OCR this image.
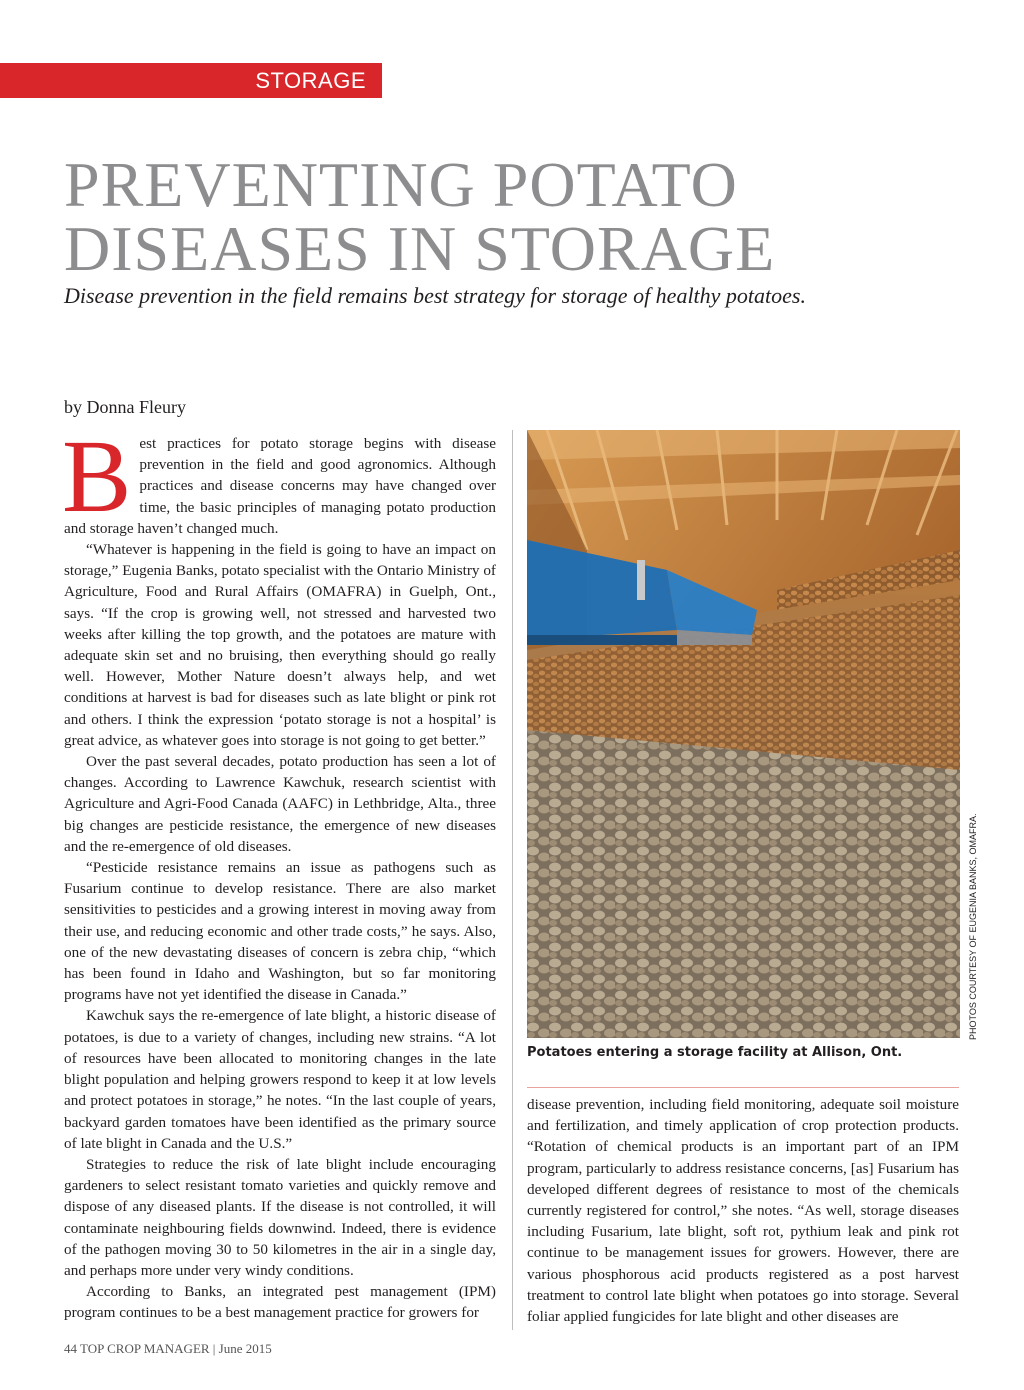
STORAGE
PREVENTING POTATO
DISEASES IN STORAGE

Disease prevention in the field remains best strategy for storage of healthy potatoes.

by Donna Fleury

Best practices for potato storage begins with disease prevention in the field and good agronomics. Although practices and disease concerns may have changed over time, the basic principles of managing potato production and storage haven’t changed much.

“Whatever is happening in the field is going to have an impact on storage,” Eugenia Banks, potato specialist with the Ontario Ministry of Agriculture, Food and Rural Affairs (OMAFRA) in Guelph, Ont., says. “If the crop is growing well, not stressed and harvested two weeks after killing the top growth, and the potatoes are mature with adequate skin set and no bruising, then everything should go really well. However, Mother Nature doesn’t always help, and wet conditions at harvest is bad for diseases such as late blight or pink rot and others. I think the expression ‘potato storage is not a hospital’ is great advice, as whatever goes into storage is not going to get better.”

Over the past several decades, potato production has seen a lot of changes. According to Lawrence Kawchuk, research scientist with Agriculture and Agri-Food Canada (AAFC) in Lethbridge, Alta., three big changes are pesticide resistance, the emergence of new diseases and the re-emergence of old diseases.

“Pesticide resistance remains an issue as pathogens such as Fusarium continue to develop resistance. There are also market sensitivities to pesticides and a growing interest in moving away from their use, and reducing economic and other trade costs,” he says. Also, one of the new devastating diseases of concern is zebra chip, “which has been found in Idaho and Washington, but so far monitoring programs have not yet identified the disease in Canada.”

Kawchuk says the re-emergence of late blight, a historic disease of potatoes, is due to a variety of changes, including new strains. “A lot of resources have been allocated to monitoring changes in the late blight population and helping growers respond to keep it at low levels and protect potatoes in storage,” he notes. “In the last couple of years, backyard garden tomatoes have been identified as the primary source of late blight in Canada and the U.S.”

Strategies to reduce the risk of late blight include encouraging gardeners to select resistant tomato varieties and quickly remove and dispose of any diseased plants. If the disease is not controlled, it will contaminate neighbouring fields downwind. Indeed, there is evidence of the pathogen moving 30 to 50 kilometres in the air in a single day, and perhaps more under very windy conditions.

According to Banks, an integrated pest management (IPM) program continues to be a best management practice for growers for

PHOTOS COURTESY OF EUGENIA BANKS, OMAFRA.
Potatoes entering a storage facility at Allison, Ont.

disease prevention, including field monitoring, adequate soil moisture and fertilization, and timely application of crop protection products. “Rotation of chemical products is an important part of an IPM program, particularly to address resistance concerns, [as] Fusarium has developed different degrees of resistance to most of the chemicals currently registered for control,” she notes. “As well, storage diseases including Fusarium, late blight, soft rot, pythium leak and pink rot continue to be management issues for growers. However, there are various phosphorous acid products registered as a post harvest treatment to control late blight when potatoes go into storage. Several foliar applied fungicides for late blight and other diseases are

44 TOP CROP MANAGER | June 2015
